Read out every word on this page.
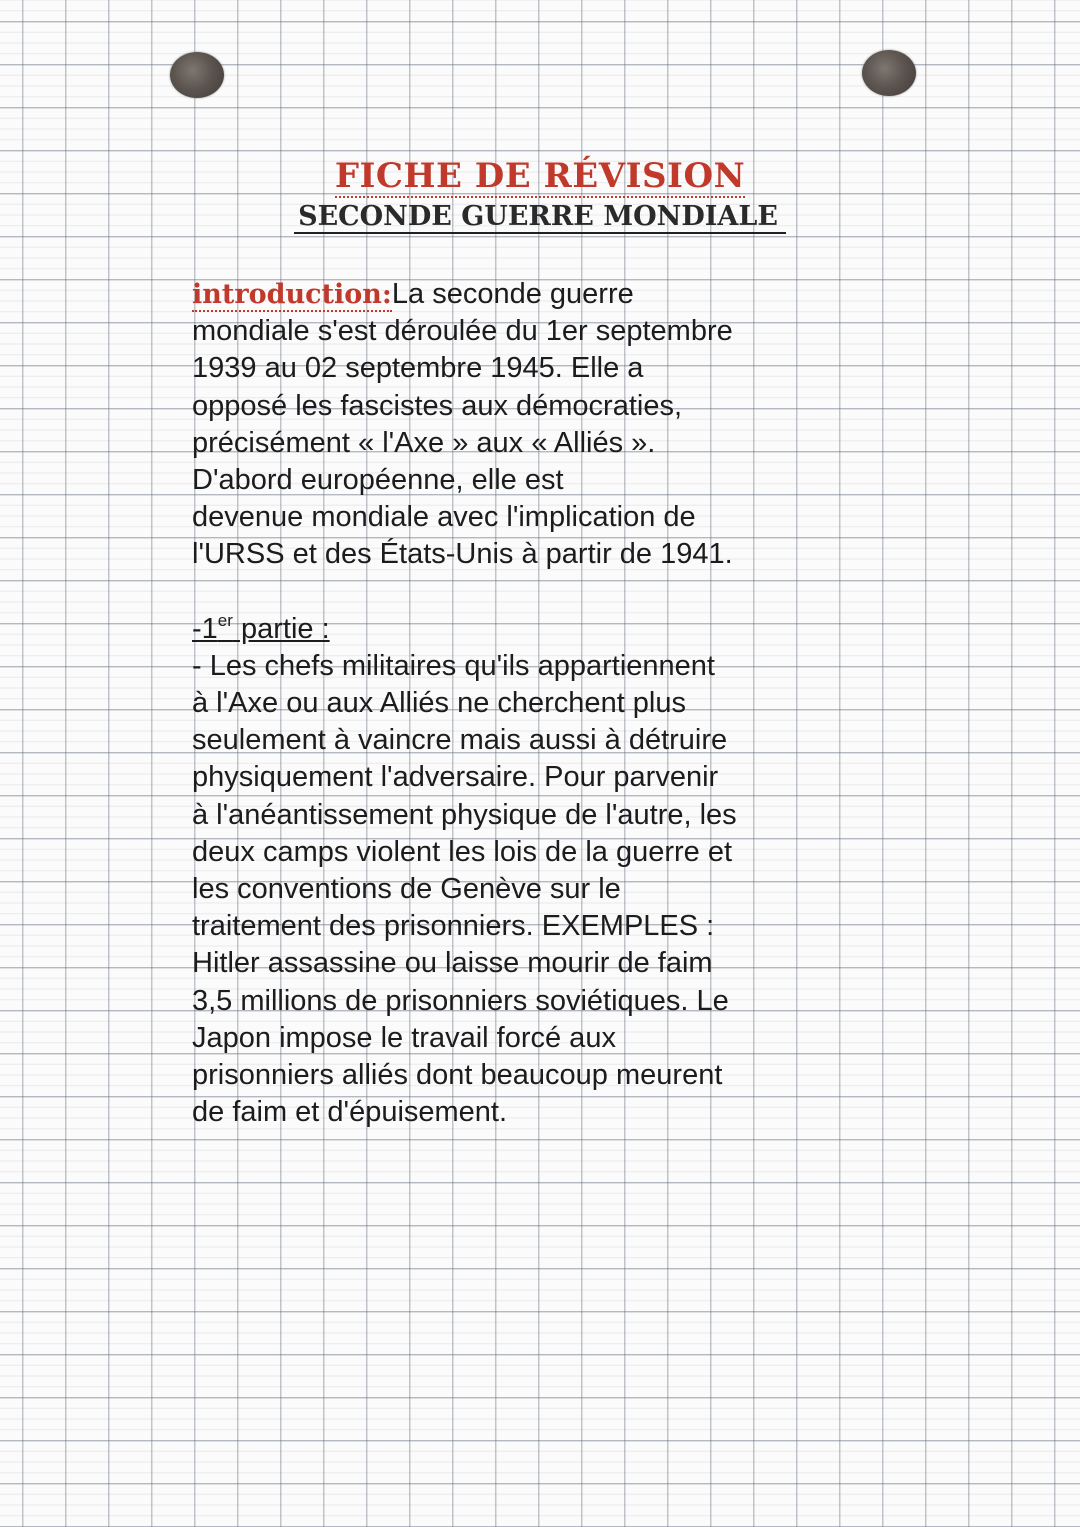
FICHE DE RÉVISION
SECONDE GUERRE MONDIALE
introduction:La seconde guerre
mondiale s'est déroulée du 1er septembre
1939 au 02 septembre 1945. Elle a
opposé les fascistes aux démocraties,
précisément « l'Axe » aux « Alliés ».
D'abord européenne, elle est
devenue mondiale avec l'implication de
l'URSS et des États-Unis à partir de 1941.
-1er partie :
- Les chefs militaires qu'ils appartiennent
à l'Axe ou aux Alliés ne cherchent plus
seulement à vaincre mais aussi à détruire
physiquement l'adversaire. Pour parvenir
à l'anéantissement physique de l'autre, les
deux camps violent les lois de la guerre et
les conventions de Genève sur le
traitement des prisonniers. EXEMPLES :
Hitler assassine ou laisse mourir de faim
3,5 millions de prisonniers soviétiques. Le
Japon impose le travail forcé aux
prisonniers alliés dont beaucoup meurent
de faim et d'épuisement.
